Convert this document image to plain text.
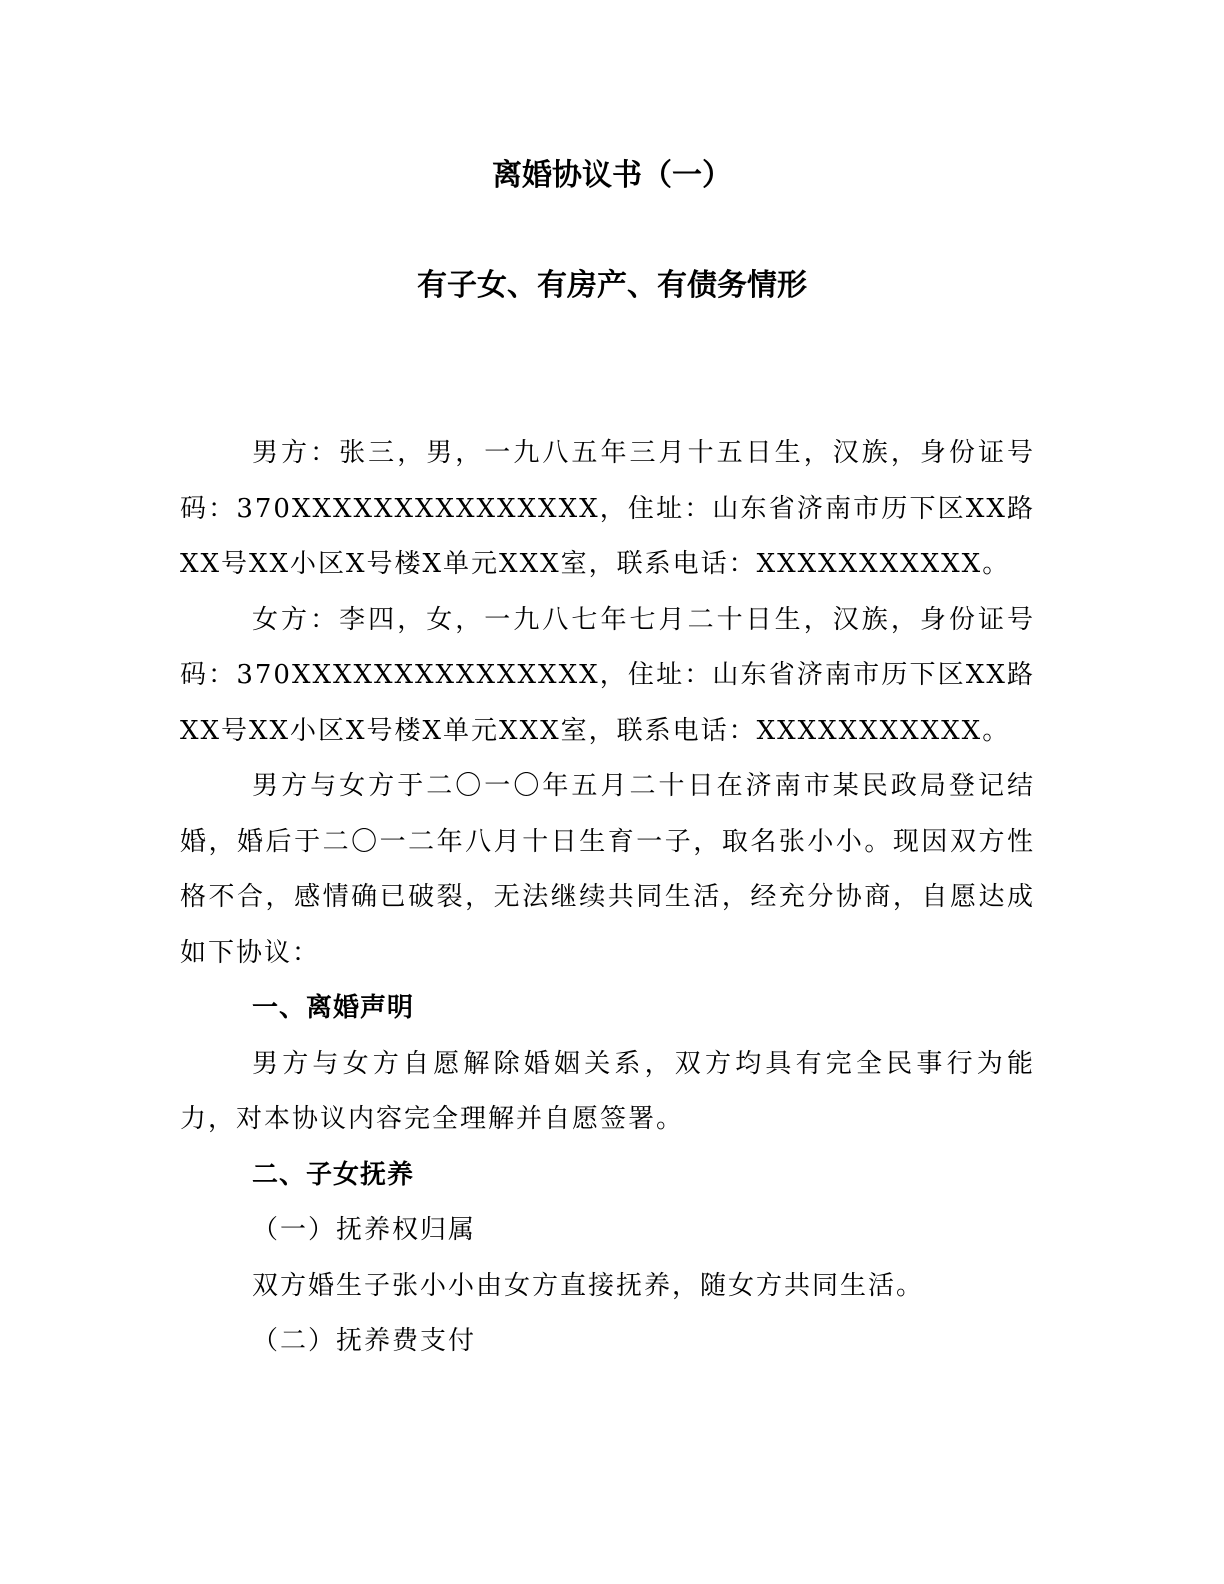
离婚协议书（一）
有子女、有房产、有债务情形

男方：张三，男，一九八五年三月十五日生，汉族，身份证号码：370XXXXXXXXXXXXXXX，住址：山东省济南市历下区XX路XX号XX小区X号楼X单元XXX室，联系电话：XXXXXXXXXXX。

女方：李四，女，一九八七年七月二十日生，汉族，身份证号码：370XXXXXXXXXXXXXXX，住址：山东省济南市历下区XX路XX号XX小区X号楼X单元XXX室，联系电话：XXXXXXXXXXX。

男方与女方于二〇一〇年五月二十日在济南市某民政局登记结婚，婚后于二〇一二年八月十日生育一子，取名张小小。现因双方性格不合，感情确已破裂，无法继续共同生活，经充分协商，自愿达成如下协议：

一、离婚声明

男方与女方自愿解除婚姻关系，双方均具有完全民事行为能力，对本协议内容完全理解并自愿签署。

二、子女抚养

（一）抚养权归属

双方婚生子张小小由女方直接抚养，随女方共同生活。

（二）抚养费支付
